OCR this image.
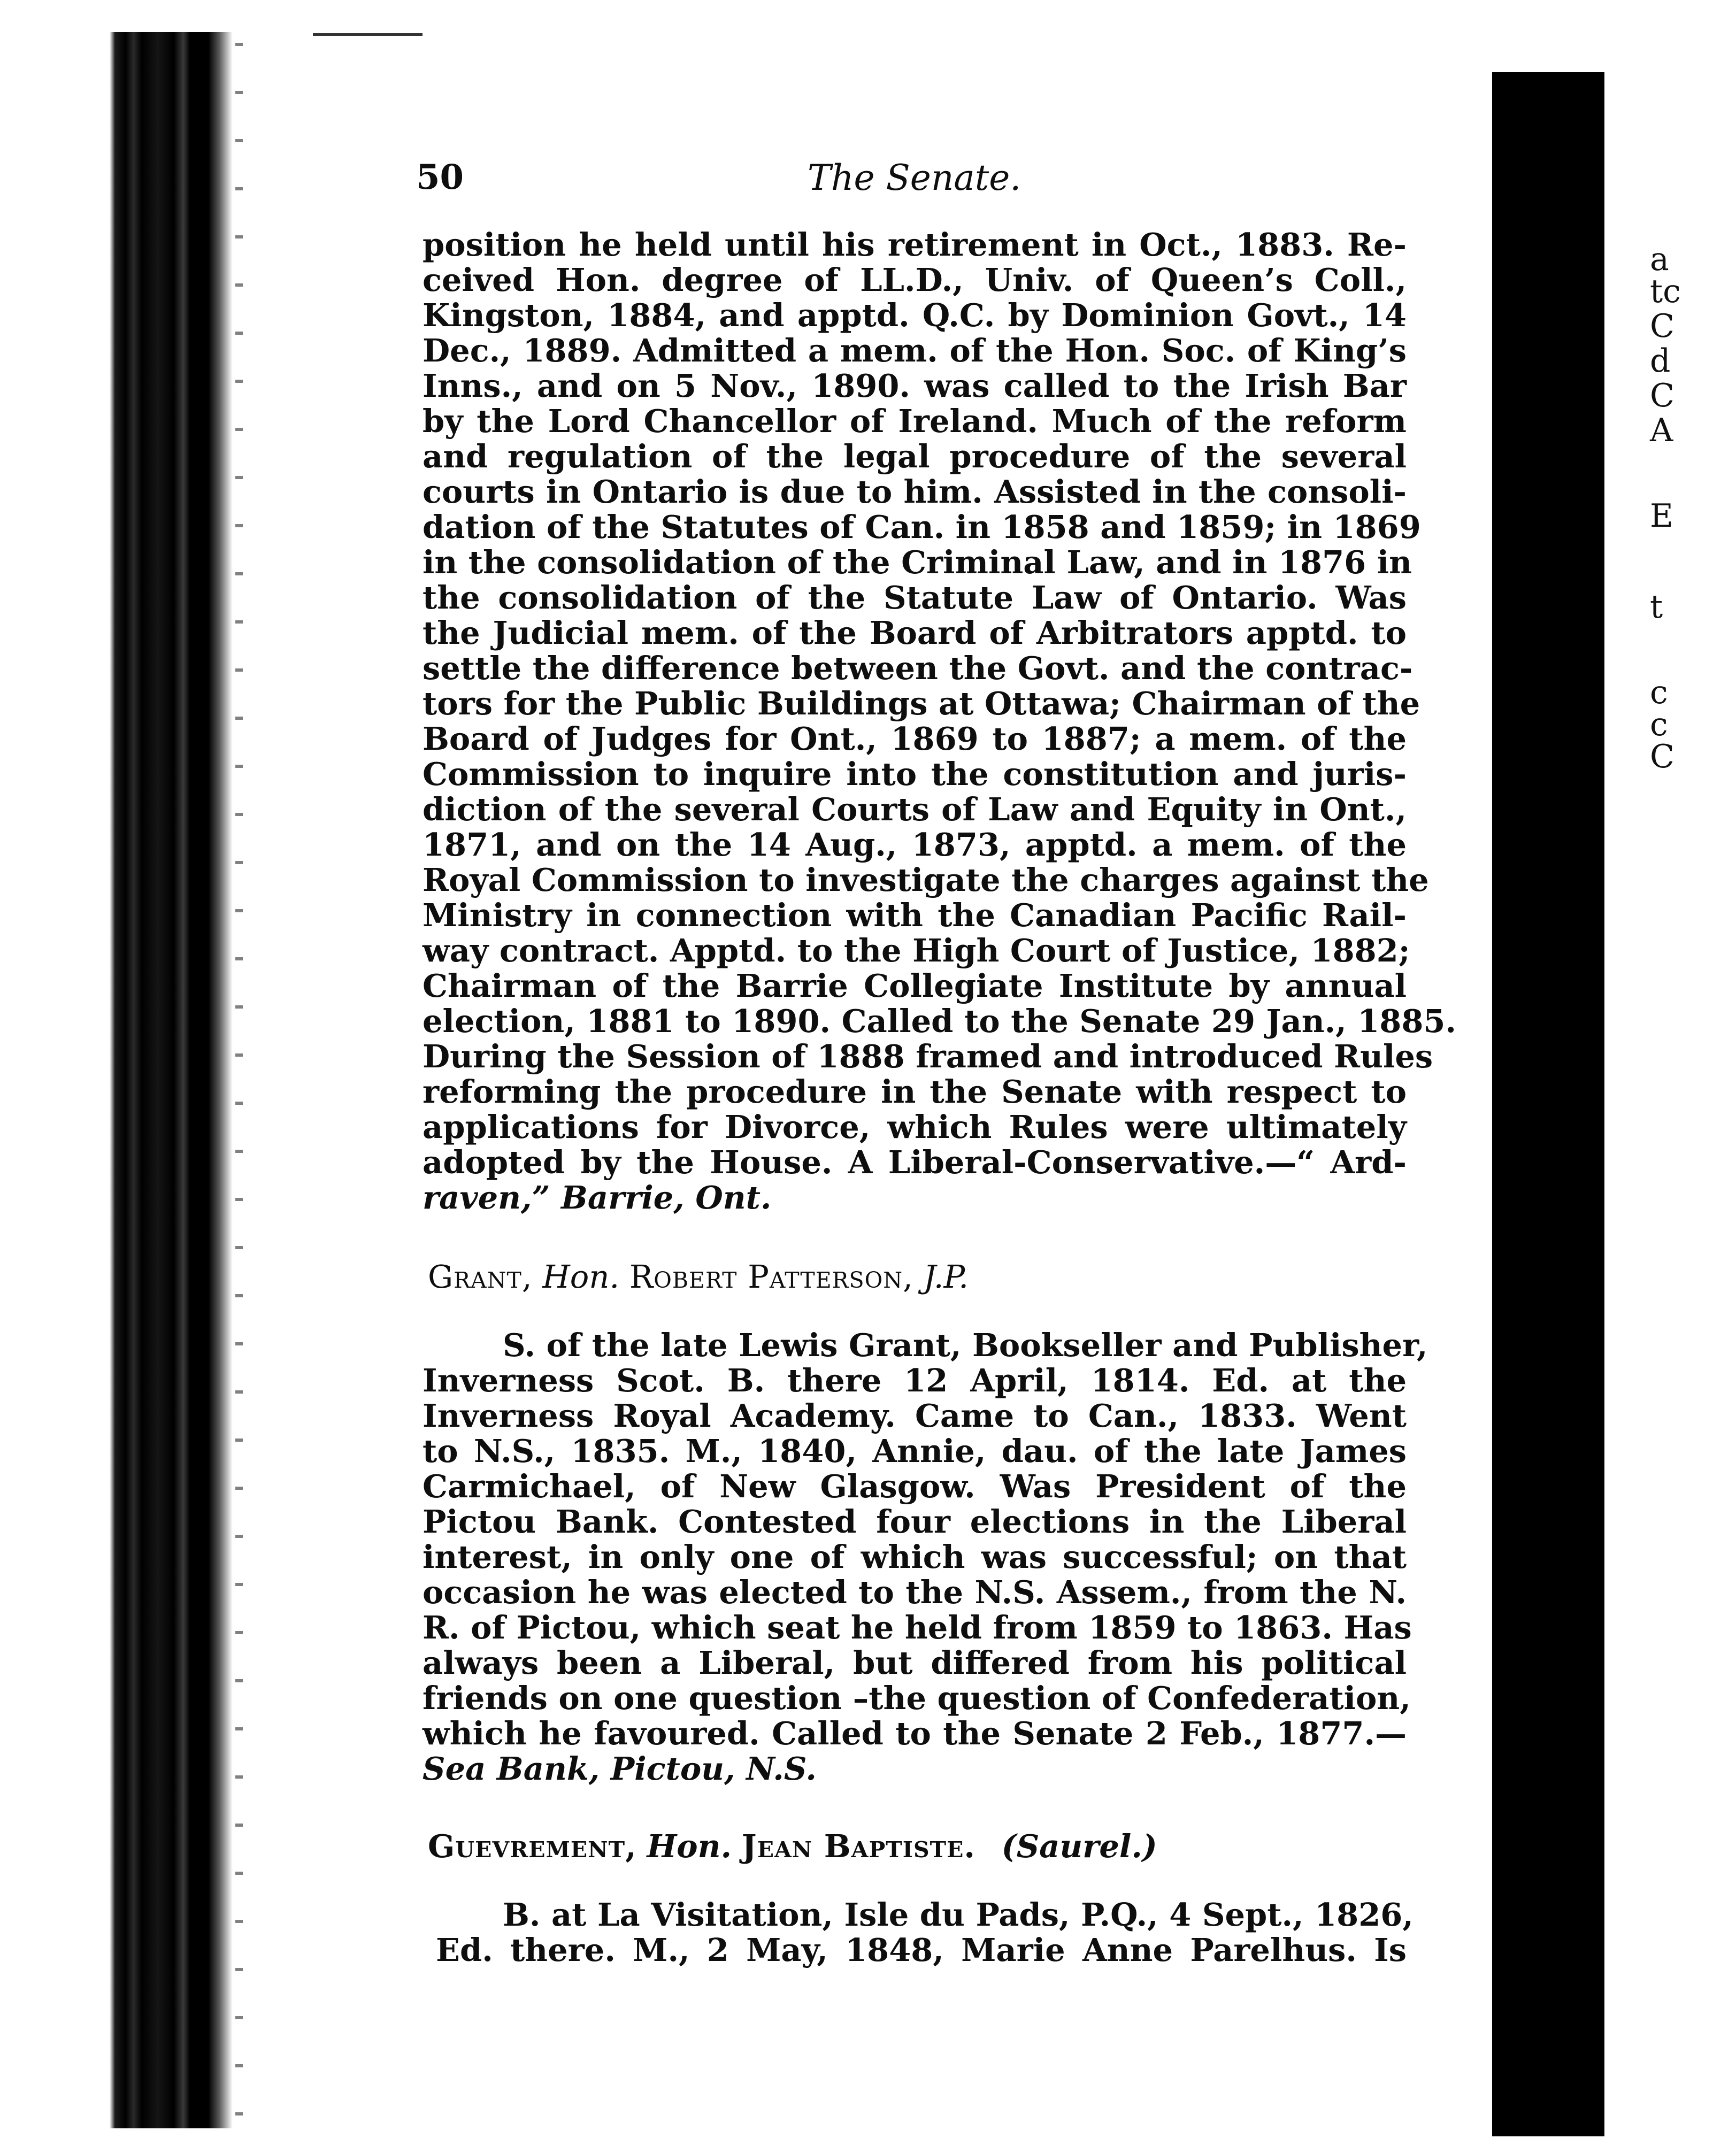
a
tc
C
d
C
A
E
t
c
c
C
50	The Senate.
position he held until his retirement in Oct., 1883. Re-
ceived Hon. degree of LL.D., Univ. of Queen’s Coll.,
Kingston, 1884, and apptd. Q.C. by Dominion Govt., 14
Dec., 1889. Admitted a mem. of the Hon. Soc. of King’s
Inns., and on 5 Nov., 1890. was called to the Irish Bar
by the Lord Chancellor of Ireland. Much of the reform
and regulation of the legal procedure of the several
courts in Ontario is due to him. Assisted in the consoli-
dation of the Statutes of Can. in 1858 and 1859; in 1869
in the consolidation of the Criminal Law, and in 1876 in
the consolidation of the Statute Law of Ontario. Was
the Judicial mem. of the Board of Arbitrators apptd. to
settle the difference between the Govt. and the contrac-
tors for the Public Buildings at Ottawa; Chairman of the
Board of Judges for Ont., 1869 to 1887; a mem. of the
Commission to inquire into the constitution and juris-
diction of the several Courts of Law and Equity in Ont.,
1871, and on the 14 Aug., 1873, apptd. a mem. of the
Royal Commission to investigate the charges against the
Ministry in connection with the Canadian Pacific Rail-
way contract. Apptd. to the High Court of Justice, 1882;
Chairman of the Barrie Collegiate Institute by annual
election, 1881 to 1890. Called to the Senate 29 Jan., 1885.
During the Session of 1888 framed and introduced Rules
reforming the procedure in the Senate with respect to
applications for Divorce, which Rules were ultimately
adopted by the House. A Liberal-Conservative.—“ Ard-
raven,” Barrie, Ont.
Grant, Hon. Robert Patterson, J.P.
S. of the late Lewis Grant, Bookseller and Publisher,
Inverness Scot. B. there 12 April, 1814. Ed. at the
Inverness Royal Academy. Came to Can., 1833. Went
to N.S., 1835. M., 1840, Annie, dau. of the late James
Carmichael, of New Glasgow. Was President of the
Pictou Bank. Contested four elections in the Liberal
interest, in only one of which was successful; on that
occasion he was elected to the N.S. Assem., from the N.
R. of Pictou, which seat he held from 1859 to 1863. Has
always been a Liberal, but differed from his political
friends on one question –the question of Confederation,
which he favoured. Called to the Senate 2 Feb., 1877.—
Sea Bank, Pictou, N.S.
Guevrement, Hon. Jean Baptiste. (Saurel.)
B. at La Visitation, Isle du Pads, P.Q., 4 Sept., 1826,
Ed. there. M., 2 May, 1848, Marie Anne Parelhus. Is
